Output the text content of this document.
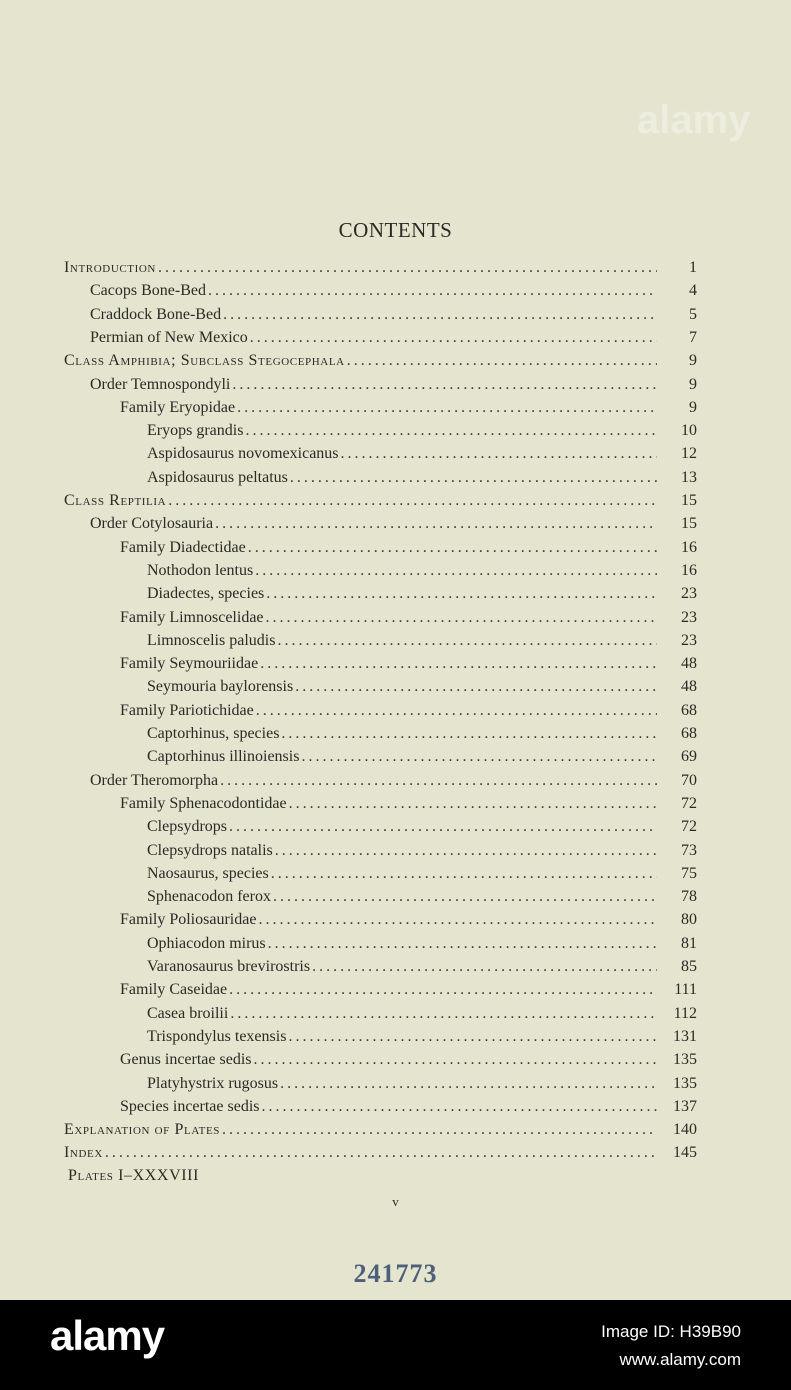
alamy
CONTENTS
Introduction .....	1
Cacops Bone-Bed .....	4
Craddock Bone-Bed .....	5
Permian of New Mexico .....	7
Class Amphibia; Subclass Stegocephala .....	9
Order Temnospondyli .....	9
Family Eryopidae .....	9
Eryops grandis .....	10
Aspidosaurus novomexicanus .....	12
Aspidosaurus peltatus .....	13
Class Reptilia .....	15
Order Cotylosauria .....	15
Family Diadectidae .....	16
Nothodon lentus .....	16
Diadectes, species .....	23
Family Limnoscelidae .....	23
Limnoscelis paludis .....	23
Family Seymouriidae .....	48
Seymouria baylorensis .....	48
Family Pariotichidae .....	68
Captorhinus, species .....	68
Captorhinus illinoiensis .....	69
Order Theromorpha .....	70
Family Sphenacodontidae .....	72
Clepsydrops .....	72
Clepsydrops natalis .....	73
Naosaurus, species .....	75
Sphenacodon ferox .....	78
Family Poliosauridae .....	80
Ophiacodon mirus .....	81
Varanosaurus brevirostris .....	85
Family Caseidae .....	111
Casea broilii .....	112
Trispondylus texensis .....	131
Genus incertae sedis .....	135
Platyhystrix rugosus .....	135
Species incertae sedis .....	137
Explanation of Plates .....	140
Index .....	145
Plates I–XXXVIII
v
241773
alamy	Image ID: H39B90
www.alamy.com
